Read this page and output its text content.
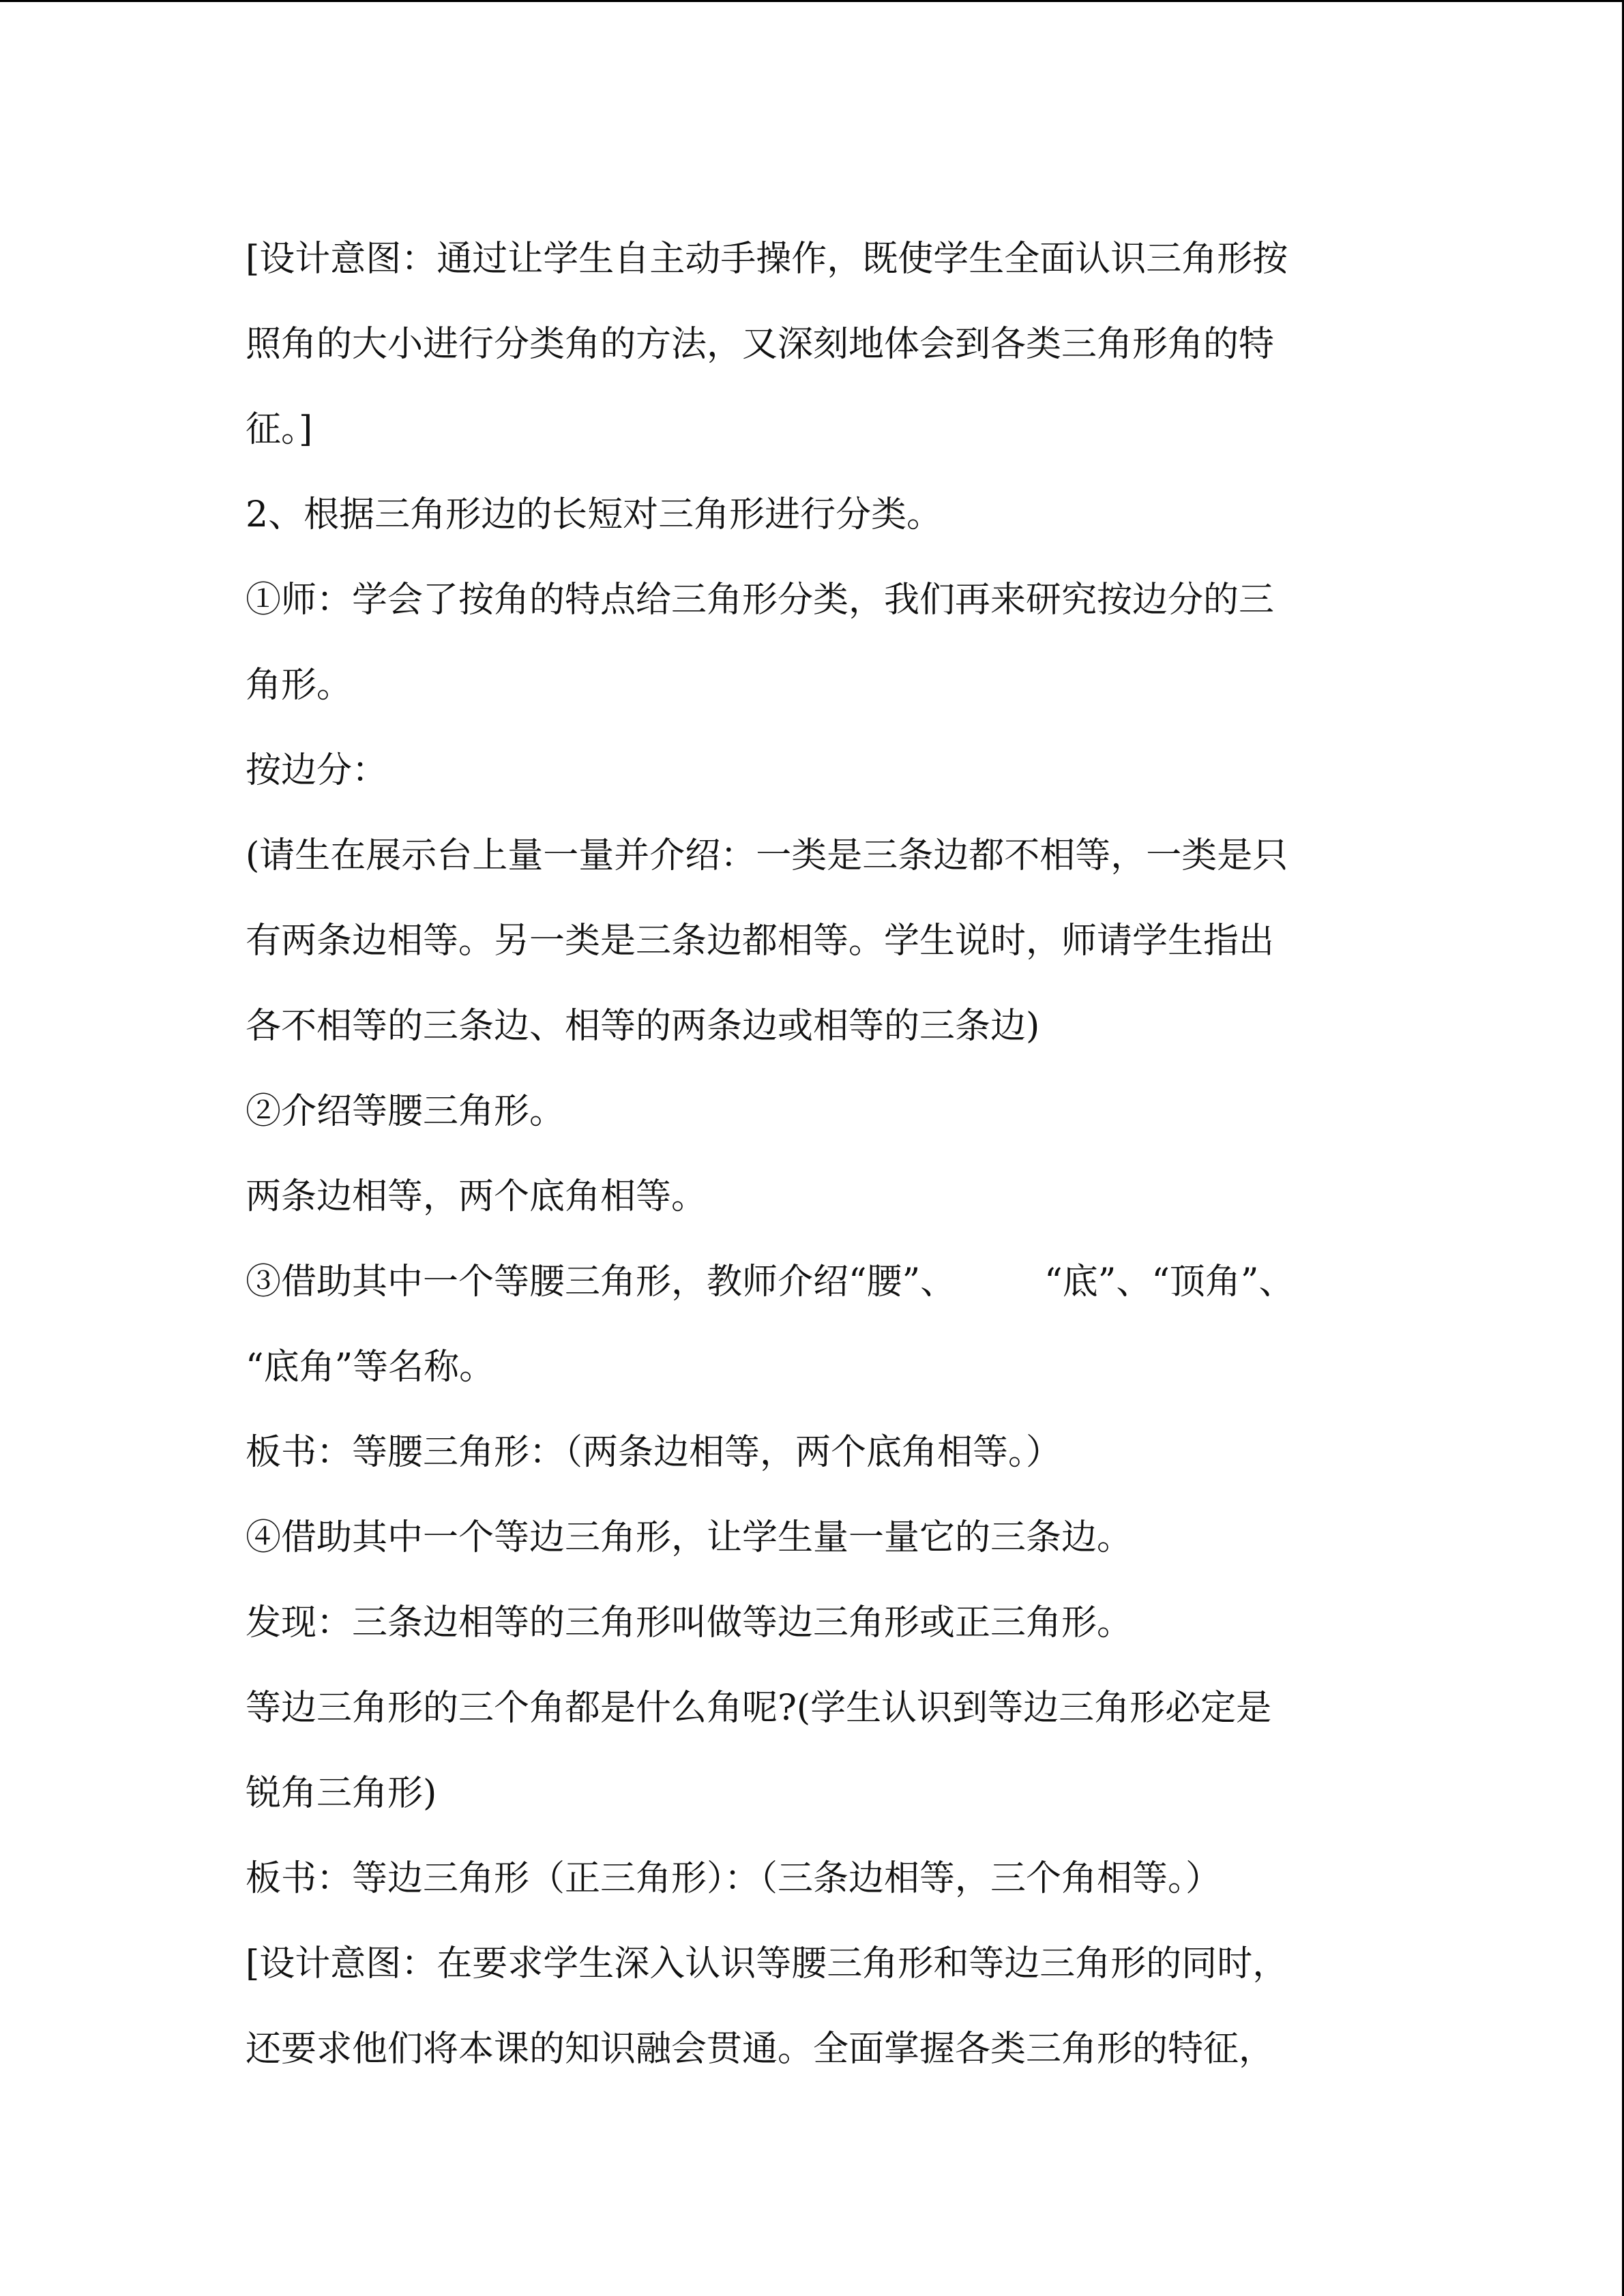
[设计意图：通过让学生自主动手操作，既使学生全面认识三角形按
照角的大小进行分类角的方法，又深刻地体会到各类三角形角的特
征。]
2、根据三角形边的长短对三角形进行分类。
①师：学会了按角的特点给三角形分类，我们再来研究按边分的三
角形。
按边分：
(请生在展示台上量一量并介绍：一类是三条边都不相等，一类是只
有两条边相等。另一类是三条边都相等。学生说时，师请学生指出
各不相等的三条边、相等的两条边或相等的三条边)
②介绍等腰三角形。
两条边相等，两个底角相等。
③借助其中一个等腰三角形，教师介绍“腰”、　　　“底”、“顶角”、
“底角”等名称。
板书：等腰三角形：（两条边相等，两个底角相等。）
④借助其中一个等边三角形，让学生量一量它的三条边。
发现：三条边相等的三角形叫做等边三角形或正三角形。
等边三角形的三个角都是什么角呢?(学生认识到等边三角形必定是
锐角三角形)
板书：等边三角形（正三角形）：（三条边相等，三个角相等。）
[设计意图：在要求学生深入认识等腰三角形和等边三角形的同时，
还要求他们将本课的知识融会贯通。全面掌握各类三角形的特征，
